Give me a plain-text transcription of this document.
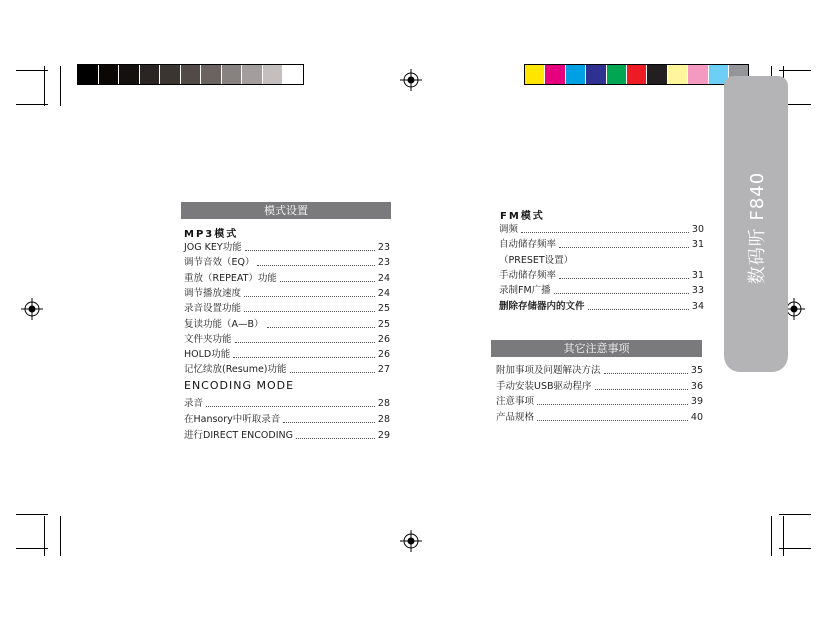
数码听 F840
模式设置
MP3模式
JOG KEY功能	23
调节音效（EQ）	23
重放（REPEAT）功能	24
调节播放速度	24
录音设置功能	25
复读功能（A—B）	25
文件夹功能	26
HOLD功能	26
记忆续放(Resume)功能	27
ENCODING MODE
录音	28
在Hansory中听取录音	28
进行DIRECT ENCODING	29
FM模式
调频	30
自动储存频率	31
（PRESET设置）
手动储存频率	31
录制FM广播	33
删除存储器内的文件	34
其它注意事项
附加事项及问题解决方法	35
手动安装USB驱动程序	36
注意事项	39
产品规格	40
